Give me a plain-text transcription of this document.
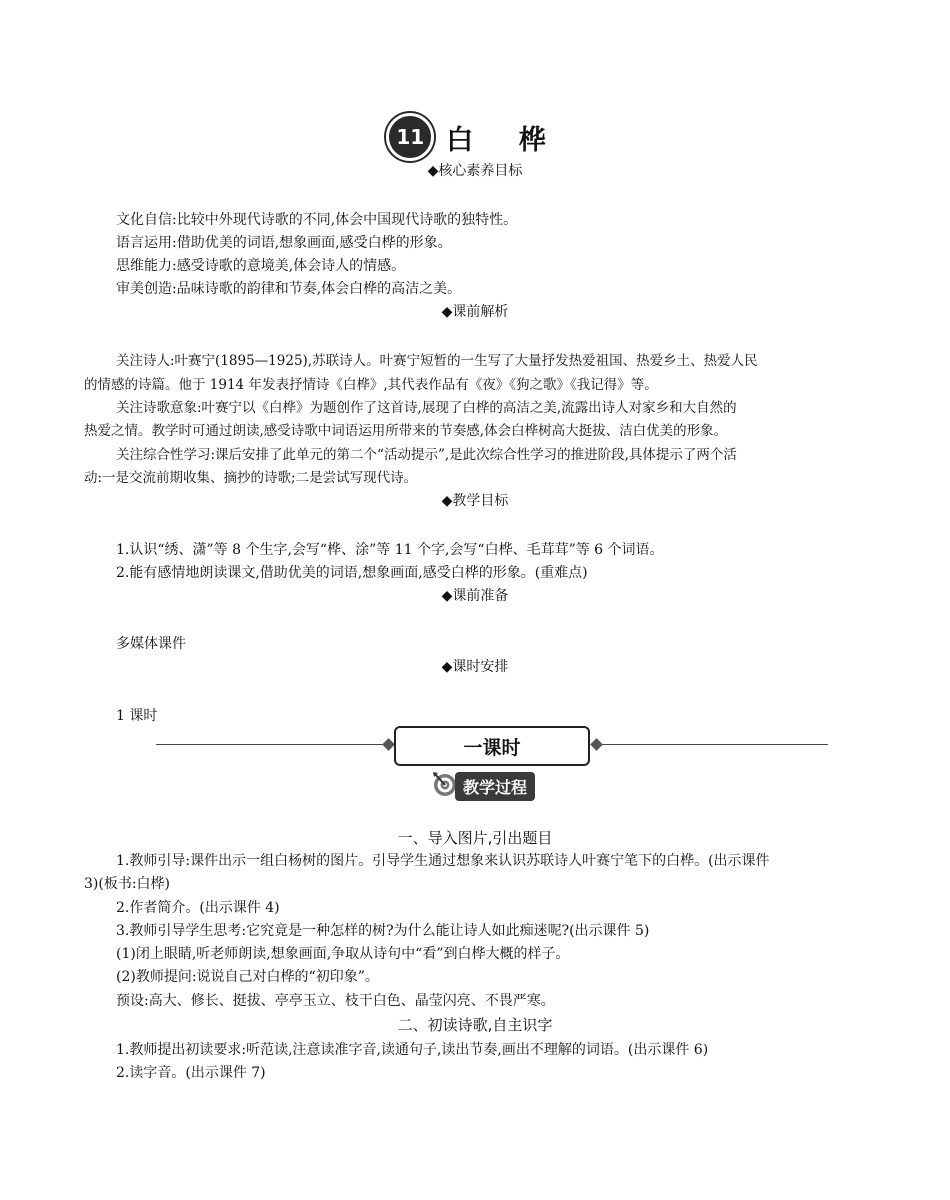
11 白 桦
◆核心素养目标
文化自信:比较中外现代诗歌的不同,体会中国现代诗歌的独特性。
语言运用:借助优美的词语,想象画面,感受白桦的形象。
思维能力:感受诗歌的意境美,体会诗人的情感。
审美创造:品味诗歌的韵律和节奏,体会白桦的高洁之美。
◆课前解析
关注诗人:叶赛宁(1895—1925),苏联诗人。叶赛宁短暂的一生写了大量抒发热爱祖国、热爱乡土、热爱人民
的情感的诗篇。他于 1914 年发表抒情诗《白桦》,其代表作品有《夜》《狗之歌》《我记得》等。
关注诗歌意象:叶赛宁以《白桦》为题创作了这首诗,展现了白桦的高洁之美,流露出诗人对家乡和大自然的
热爱之情。教学时可通过朗读,感受诗歌中词语运用所带来的节奏感,体会白桦树高大挺拔、洁白优美的形象。
关注综合性学习:课后安排了此单元的第二个“活动提示”,是此次综合性学习的推进阶段,具体提示了两个活
动:一是交流前期收集、摘抄的诗歌;二是尝试写现代诗。
◆教学目标
1.认识“绣、潇”等 8 个生字,会写“桦、涂”等 11 个字,会写“白桦、毛茸茸”等 6 个词语。
2.能有感情地朗读课文,借助优美的词语,想象画面,感受白桦的形象。(重难点)
◆课前准备
多媒体课件
◆课时安排
1 课时
一课时
教学过程
一、导入图片,引出题目
1.教师引导:课件出示一组白杨树的图片。引导学生通过想象来认识苏联诗人叶赛宁笔下的白桦。(出示课件
3)(板书:白桦)
2.作者简介。(出示课件 4)
3.教师引导学生思考:它究竟是一种怎样的树?为什么能让诗人如此痴迷呢?(出示课件 5)
(1)闭上眼睛,听老师朗读,想象画面,争取从诗句中“看”到白桦大概的样子。
(2)教师提问:说说自己对白桦的“初印象”。
预设:高大、修长、挺拔、亭亭玉立、枝干白色、晶莹闪亮、不畏严寒。
二、初读诗歌,自主识字
1.教师提出初读要求:听范读,注意读准字音,读通句子,读出节奏,画出不理解的词语。(出示课件 6)
2.读字音。(出示课件 7)
